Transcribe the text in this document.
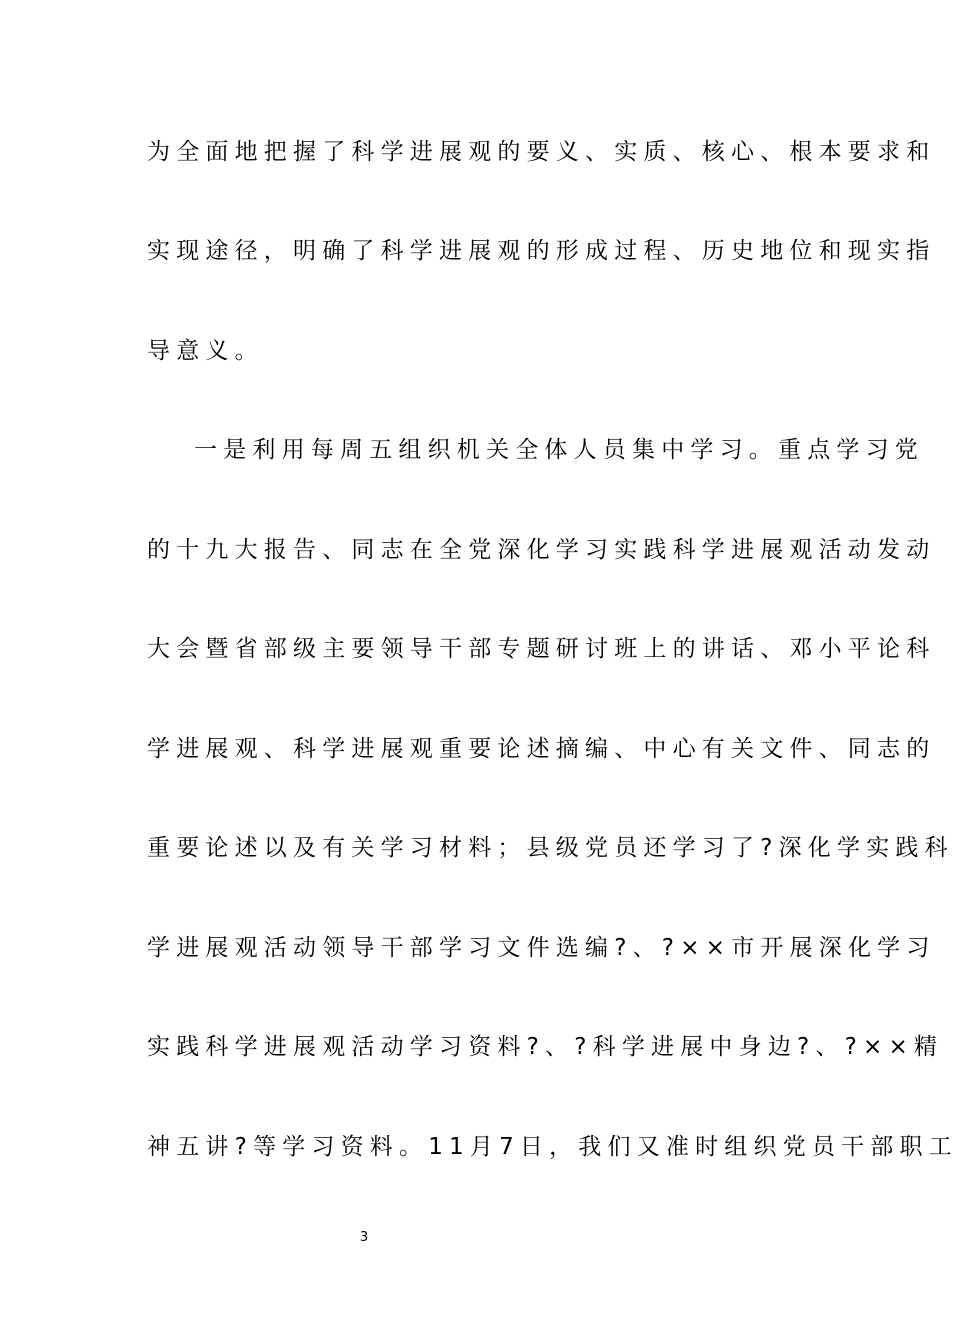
为全面地把握了科学进展观的要义、实质、核心、根本要求和
实现途径，明确了科学进展观的形成过程、历史地位和现实指
导意义。
一是利用每周五组织机关全体人员集中学习。重点学习党
的十九大报告、同志在全党深化学习实践科学进展观活动发动
大会暨省部级主要领导干部专题研讨班上的讲话、邓小平论科
学进展观、科学进展观重要论述摘编、中心有关文件、同志的
重要论述以及有关学习材料；县级党员还学习了?深化学实践科
学进展观活动领导干部学习文件选编?、?××市开展深化学习
实践科学进展观活动学习资料?、?科学进展中身边?、?××精
神五讲?等学习资料。11月7日，我们又准时组织党员干部职工
3
